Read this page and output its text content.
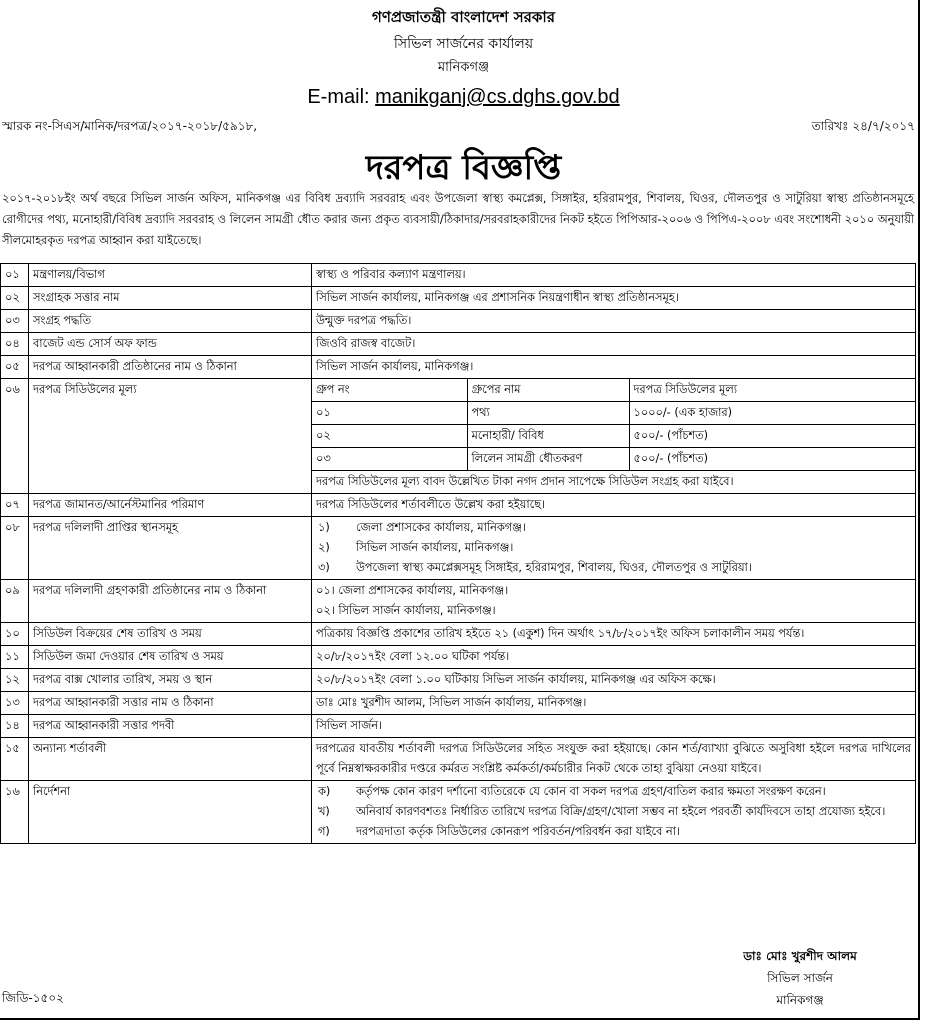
গণপ্রজাতন্ত্রী বাংলাদেশ সরকার
সিভিল সার্জনের কার্যালয়
মানিকগঞ্জ
E-mail: manikganj@cs.dghs.gov.bd
স্মারক নং-সিএস/মানিক/দরপত্র/২০১৭-২০১৮/৫৯১৮,	তারিখঃ ২৪/৭/২০১৭
দরপত্র বিজ্ঞপ্তি
২০১৭-২০১৮ইং অর্থ বছরে সিভিল সার্জন অফিস, মানিকগঞ্জ এর বিবিধ দ্রব্যাদি সরবরাহ এবং উপজেলা স্বাস্থ্য কমপ্লেক্স, সিঙ্গাইর, হরিরামপুর, শিবালয়, ঘিওর, দৌলতপুর ও সাটুরিয়া স্বাস্থ্য প্রতিষ্ঠানসমূহে রোগীদের পথ্য, মনোহারী/বিবিধ দ্রব্যাদি সরবরাহ ও লিলেন সামগ্রী ধৌত করার জন্য প্রকৃত ব্যবসায়ী/ঠিকাদার/সরবরাহকারীদের নিকট হইতে পিপিআর-২০০৬ ও পিপিএ-২০০৮ এবং সংশোধনী ২০১০ অনুযায়ী সীলমোহরকৃত দরপত্র আহ্বান করা যাইতেছে।
০১	মন্ত্রণালয়/বিভাগ	স্বাস্থ্য ও পরিবার কল্যাণ মন্ত্রণালয়।
০২	সংগ্রাহক সত্তার নাম	সিভিল সার্জন কার্যালয়, মানিকগঞ্জ এর প্রশাসনিক নিয়ন্ত্রণাধীন স্বাস্থ্য প্রতিষ্ঠানসমূহ।
০৩	সংগ্রহ পদ্ধতি	উন্মুক্ত দরপত্র পদ্ধতি।
০৪	বাজেট এন্ড সোর্স অফ ফান্ড	জিওবি রাজস্ব বাজেট।
০৫	দরপত্র আহ্বানকারী প্রতিষ্ঠানের নাম ও ঠিকানা	সিভিল সার্জন কার্যালয়, মানিকগঞ্জ।
০৬	দরপত্র সিডিউলের মূল্য		গ্রুপ নং	গ্রুপের নাম	দরপত্র সিডিউলের মূল্য
০১	পথ্য	১০০০/- (এক হাজার)
০২	মনোহারী/ বিবিধ	৫০০/- (পাঁচশত)
০৩	লিলেন সামগ্রী ধৌতকরণ	৫০০/- (পাঁচশত)
দরপত্র সিডিউলের মূল্য বাবদ উল্লেখিত টাকা নগদ প্রদান সাপেক্ষে সিডিউল সংগ্রহ করা যাইবে।

০৭	দরপত্র জামানত/আর্নেস্টমানির পরিমাণ	দরপত্র সিডিউলের শর্তাবলীতে উল্লেখ করা হইয়াছে।
০৮	দরপত্র দলিলাদী প্রাপ্তির স্থানসমূহ		১)	জেলা প্রশাসকের কার্যালয়, মানিকগঞ্জ।
২)	সিভিল সার্জন কার্যালয়, মানিকগঞ্জ।
৩)	উপজেলা স্বাস্থ্য কমপ্লেক্সসমূহ সিঙ্গাইর, হরিরামপুর, শিবালয়, ঘিওর, দৌলতপুর ও সাটুরিয়া।

০৯	দরপত্র দলিলাদী গ্রহণকারী প্রতিষ্ঠানের নাম ও ঠিকানা	০১। জেলা প্রশাসকের কার্যালয়, মানিকগঞ্জ।
০২। সিভিল সার্জন কার্যালয়, মানিকগঞ্জ।

১০	সিডিউল বিক্রয়ের শেষ তারিখ ও সময়	পত্রিকায় বিজ্ঞপ্তি প্রকাশের তারিখ হইতে ২১ (একুশ) দিন অর্থাৎ ১৭/৮/২০১৭ইং অফিস চলাকালীন সময় পর্যন্ত।
১১	সিডিউল জমা দেওয়ার শেষ তারিখ ও সময়	২০/৮/২০১৭ইং বেলা ১২.০০ ঘটিকা পর্যন্ত।
১২	দরপত্র বাক্স খোলার তারিখ, সময় ও স্থান	২০/৮/২০১৭ইং বেলা ১.০০ ঘটিকায় সিভিল সার্জন কার্যালয়, মানিকগঞ্জ এর অফিস কক্ষে।
১৩	দরপত্র আহ্বানকারী সত্তার নাম ও ঠিকানা	ডাঃ মোঃ খুরশীদ আলম, সিভিল সার্জন কার্যালয়, মানিকগঞ্জ।
১৪	দরপত্র আহ্বানকারী সত্তার পদবী	সিভিল সার্জন।
১৫	অন্যান্য শর্তাবলী	দরপত্রের যাবতীয় শর্তাবলী দরপত্র সিডিউলের সহিত সংযুক্ত করা হইয়াছে। কোন শর্ত/ব্যাখ্যা বুঝিতে অসুবিধা হইলে দরপত্র দাখিলের পূর্বে নিম্নস্বাক্ষরকারীর দপ্তরে কর্মরত সংশ্লিষ্ট কর্মকর্তা/কর্মচারীর নিকট থেকে তাহা বুঝিয়া নেওয়া যাইবে।
১৬	নির্দেশনা		ক)	কর্তৃপক্ষ কোন কারণ দর্শানো ব্যতিরেকে যে কোন বা সকল দরপত্র গ্রহণ/বাতিল করার ক্ষমতা সংরক্ষণ করেন।
খ)	অনিবার্য কারণবশতঃ নির্ধারিত তারিখে দরপত্র বিক্রি/গ্রহণ/খোলা সম্ভব না হইলে পরবর্তী কার্যদিবসে তাহা প্রযোজ্য হইবে।
গ)	দরপত্রদাতা কর্তৃক সিডিউলের কোনরূপ পরিবর্তন/পরিবর্ধন করা যাইবে না।
ডাঃ মোঃ খুরশীদ আলম
সিভিল সার্জন
মানিকগঞ্জ
জিডি-১৫০২
